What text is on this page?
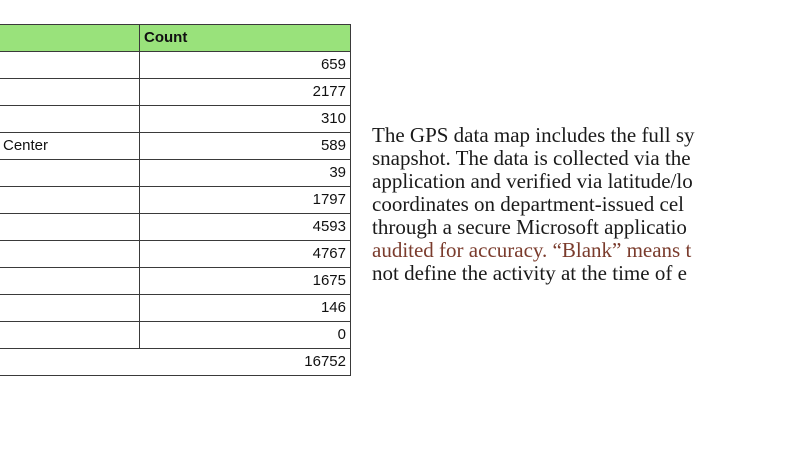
	Count
	659
	2177
	310
Center	589
	39
	1797
	4593
	4767
	1675
	146
	0
	16752
The GPS data map includes the full sy
snapshot. The data is collected via the
application and verified via latitude/lo
coordinates on department-issued cel
through a secure Microsoft applicatio
audited for accuracy. “Blank” means t
not define the activity at the time of e
